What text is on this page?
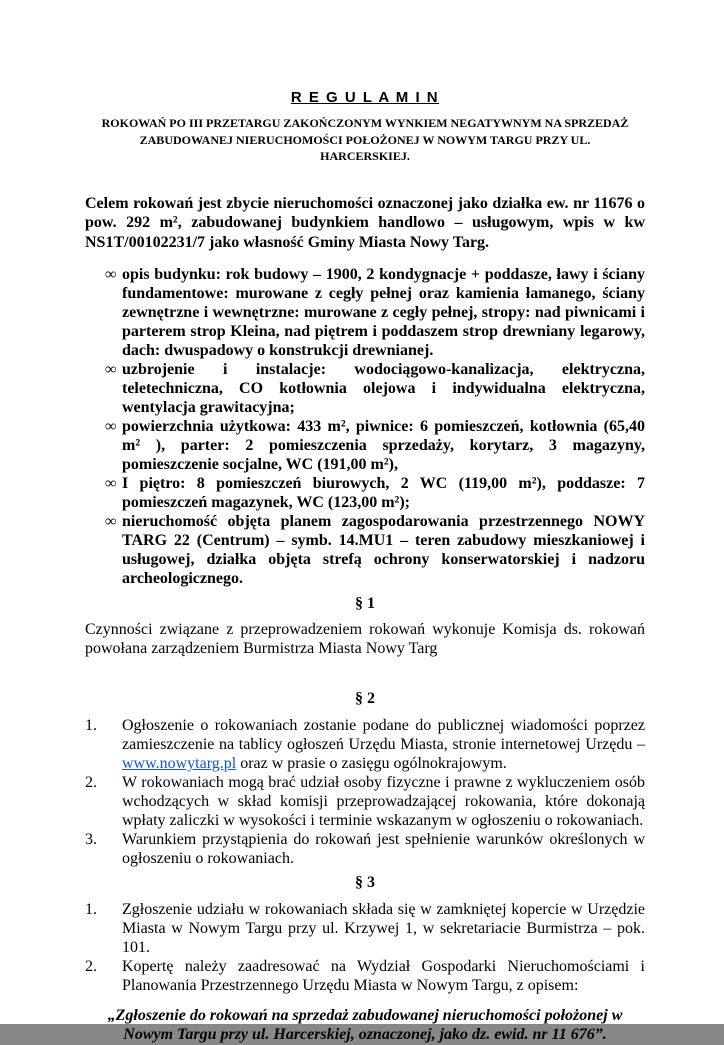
R E G U L A M I N
ROKOWAŃ PO III PRZETARGU ZAKOŃCZONYM WYNKIEM NEGATYWNYM NA SPRZEDAŻ ZABUDOWANEJ NIERUCHOMOŚCI POŁOŻONEJ W NOWYM TARGU PRZY UL. HARCERSKIEJ.

Celem rokowań jest zbycie nieruchomości oznaczonej jako działka ew. nr 11676 o pow. 292 m², zabudowanej budynkiem handlowo – usługowym, wpis w kw NS1T/00102231/7 jako własność Gminy Miasta Nowy Targ.

∞ opis budynku: rok budowy – 1900, 2 kondygnacje + poddasze, ławy i ściany fundamentowe: murowane z cegły pełnej oraz kamienia łamanego, ściany zewnętrzne i wewnętrzne: murowane z cegły pełnej, stropy: nad piwnicami i parterem strop Kleina, nad piętrem i poddaszem strop drewniany legarowy, dach: dwuspadowy o konstrukcji drewnianej.
∞ uzbrojenie i instalacje: wodociągowo-kanalizacja, elektryczna, teletechniczna, CO kotłownia olejowa i indywidualna elektryczna, wentylacja grawitacyjna;
∞ powierzchnia użytkowa: 433 m², piwnice: 6 pomieszczeń, kotłownia (65,40 m² ), parter: 2 pomieszczenia sprzedaży, korytarz, 3 magazyny, pomieszczenie socjalne, WC (191,00 m²),
∞ I piętro: 8 pomieszczeń biurowych, 2 WC (119,00 m²), poddasze: 7 pomieszczeń magazynek, WC (123,00 m²);
∞ nieruchomość objęta planem zagospodarowania przestrzennego NOWY TARG 22 (Centrum) – symb. 14.MU1 – teren zabudowy mieszkaniowej i usługowej, działka objęta strefą ochrony konserwatorskiej i nadzoru archeologicznego.
§ 1

Czynności związane z przeprowadzeniem rokowań wykonuje Komisja ds. rokowań powołana zarządzeniem Burmistrza Miasta Nowy Targ

§ 2
1.	Ogłoszenie o rokowaniach zostanie podane do publicznej wiadomości poprzez zamieszczenie na tablicy ogłoszeń Urzędu Miasta, stronie internetowej Urzędu – www.nowytarg.pl oraz w prasie o zasięgu ogólnokrajowym.
2.	W rokowaniach mogą brać udział osoby fizyczne i prawne z wykluczeniem osób wchodzących w skład komisji przeprowadzającej rokowania, które dokonają wpłaty zaliczki w wysokości i terminie wskazanym w ogłoszeniu o rokowaniach.
3.	Warunkiem przystąpienia do rokowań jest spełnienie warunków określonych w ogłoszeniu o rokowaniach.
§ 3
1.	Zgłoszenie udziału w rokowaniach składa się w zamkniętej kopercie w Urzędzie Miasta w Nowym Targu przy ul. Krzywej 1, w sekretariacie Burmistrza – pok. 101.
2.	Kopertę należy zaadresować na Wydział Gospodarki Nieruchomościami i Planowania Przestrzennego Urzędu Miasta w Nowym Targu, z opisem:

„Zgłoszenie do rokowań na sprzedaż zabudowanej nieruchomości położonej w Nowym Targu przy ul. Harcerskiej, oznaczonej, jako dz. ewid. nr 11 676”.
